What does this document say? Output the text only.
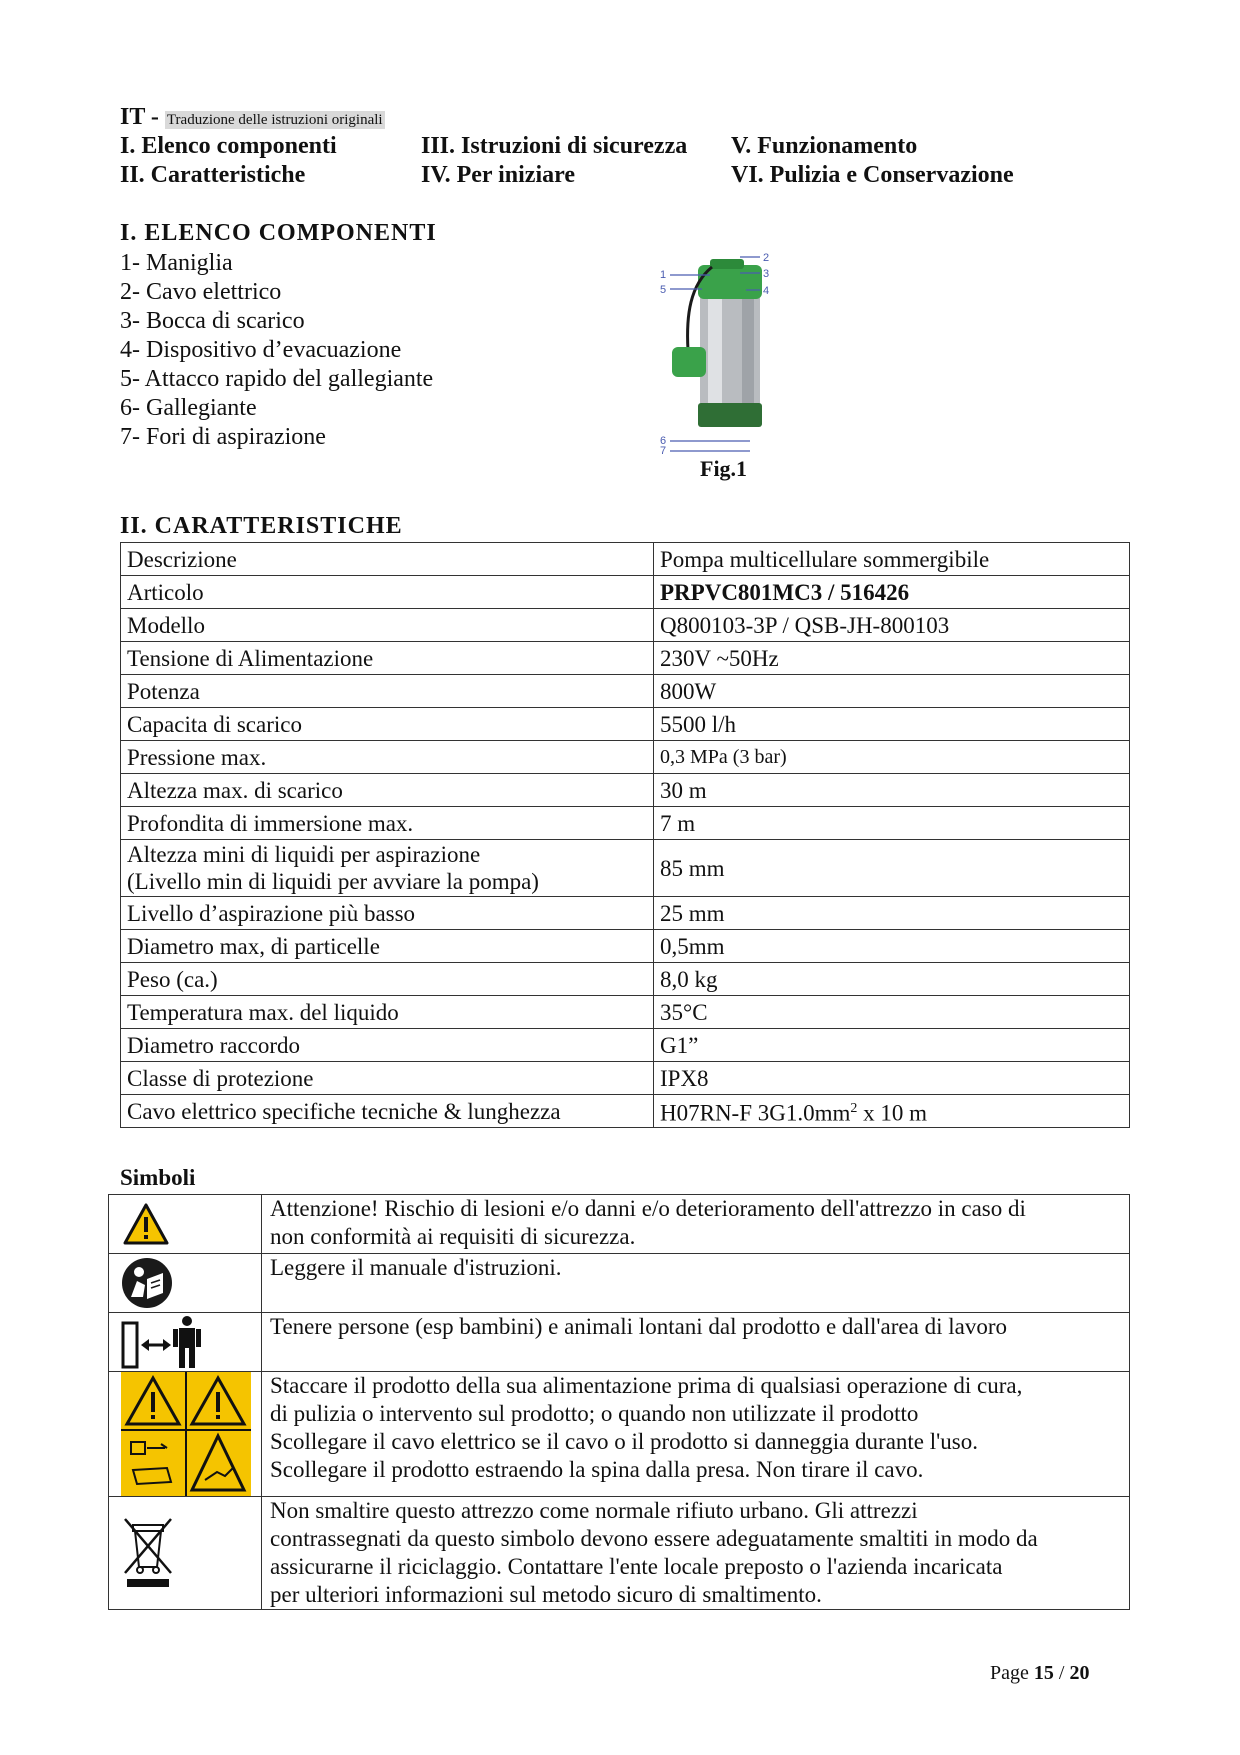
IT - Traduzione delle istruzioni originali
I. Elenco componenti	III. Istruzioni di sicurezza V. Funzionamento
II. Caratteristiche	IV. Per iniziare	VI. Pulizia e Conservazione
I. ELENCO COMPONENTI
1- Maniglia
2- Cavo elettrico
3- Bocca di scarico
4- Dispositivo d’evacuazione
5- Attacco rapido del gallegiante
6- Gallegiante
7- Fori di aspirazione
1
2
3
4
5
6
7
Fig.1
II. CARATTERISTICHE
Descrizione	Pompa multicellulare sommergibile
Articolo	PRPVC801MC3 / 516426
Modello	Q800103-3P / QSB-JH-800103
Tensione di Alimentazione	230V ~50Hz
Potenza	800W
Capacita di scarico	5500 l/h
Pressione max.	0,3 MPa (3 bar)
Altezza max. di scarico	30 m
Profondita di immersione max.	7 m

Altezza mini di liquidi per aspirazione
(Livello min di liquidi per avviare la pompa)	85 mm
Livello d’aspirazione più basso	25 mm
Diametro max, di particelle	0,5mm
Peso (ca.)	8,0 kg
Temperatura max. del liquido	35°C
Diametro raccordo	G1”
Classe di protezione	IPX8
Cavo elettrico specifiche tecniche & lunghezza	H07RN-F $3G1.0mm^2$ x 10 m
Simboli

Attenzione! Rischio di lesioni e/o danni e/o deterioramento dell'attrezzo in caso di
non conformità ai requisiti di sicurezza.

Leggere il manuale d'istruzioni.

Tenere persone (esp bambini) e animali lontani dal prodotto e dall'area di lavoro

Staccare il prodotto della sua alimentazione prima di qualsiasi operazione di cura,
di pulizia o intervento sul prodotto; o quando non utilizzate il prodotto
Scollegare il cavo elettrico se il cavo o il prodotto si danneggia durante l'uso.
Scollegare il prodotto estraendo la spina dalla presa. Non tirare il cavo.

Non smaltire questo attrezzo come normale rifiuto urbano. Gli attrezzi
contrassegnati da questo simbolo devono essere adeguatamente smaltiti in modo da
assicurarne il riciclaggio. Contattare l'ente locale preposto o l'azienda incaricata
per ulteriori informazioni sul metodo sicuro di smaltimento.
Page 15 / 20
